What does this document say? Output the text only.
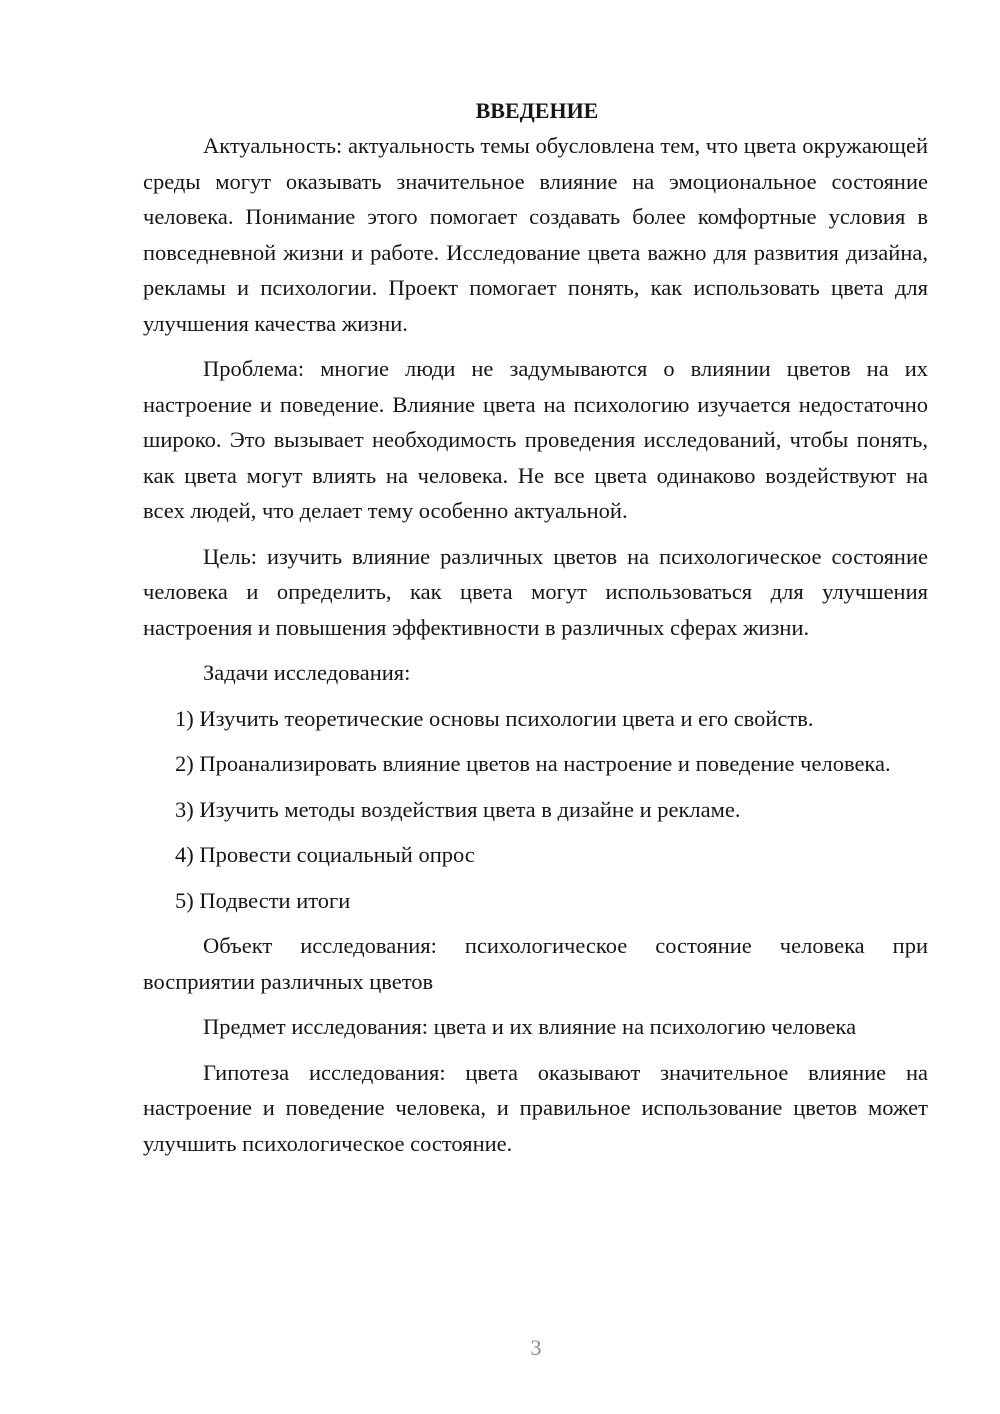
ВВЕДЕНИЕ

Актуальность: актуальность темы обусловлена тем, что цвета окружающей среды могут оказывать значительное влияние на эмоциональное состояние человека. Понимание этого помогает создавать более комфортные условия в повседневной жизни и работе. Исследование цвета важно для развития дизайна, рекламы и психологии. Проект помогает понять, как использовать цвета для улучшения качества жизни.

Проблема: многие люди не задумываются о влиянии цветов на их настроение и поведение. Влияние цвета на психологию изучается недостаточно широко. Это вызывает необходимость проведения исследований, чтобы понять, как цвета могут влиять на человека. Не все цвета одинаково воздействуют на всех людей, что делает тему особенно актуальной.

Цель: изучить влияние различных цветов на психологическое состояние человека и определить, как цвета могут использоваться для улучшения настроения и повышения эффективности в различных сферах жизни.

Задачи исследования:

1) Изучить теоретические основы психологии цвета и его свойств.

2) Проанализировать влияние цветов на настроение и поведение человека.

3) Изучить методы воздействия цвета в дизайне и рекламе.

4) Провести социальный опрос

5) Подвести итоги

Объект исследования: психологическое состояние человека при восприятии различных цветов

Предмет исследования: цвета и их влияние на психологию человека

Гипотеза исследования: цвета оказывают значительное влияние на настроение и поведение человека, и правильное использование цветов может улучшить психологическое состояние.

3
